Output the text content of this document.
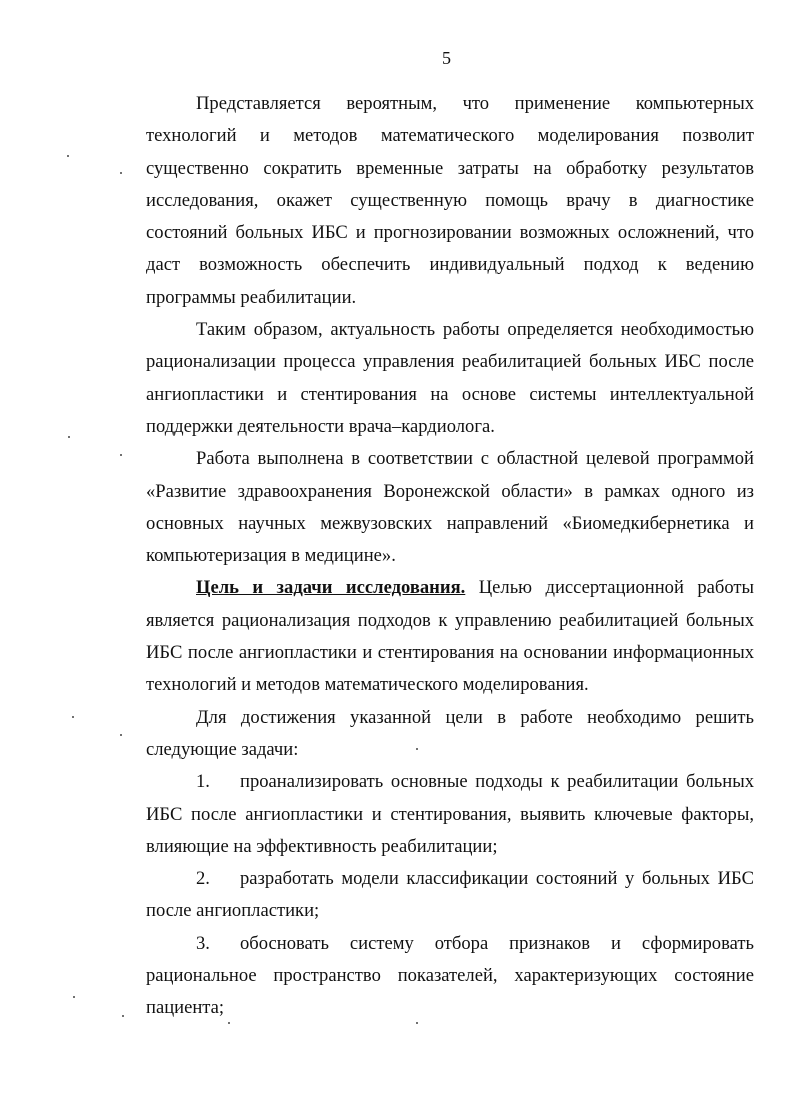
5

Представляется вероятным, что применение компьютерных технологий и методов математического моделирования позволит существенно сократить временные затраты на обработку результатов исследования, окажет существенную помощь врачу в диагностике состояний больных ИБС и прогнозировании возможных осложнений, что даст возможность обеспечить индивидуальный подход к ведению программы реабилитации.

Таким образом, актуальность работы определяется необходимостью рационализации процесса управления реабилитацией больных ИБС после ангиопластики и стентирования на основе системы интеллектуальной поддержки деятельности врача–кардиолога.

Работа выполнена в соответствии с областной целевой программой «Развитие здравоохранения Воронежской области» в рамках одного из основных научных межвузовских направлений «Биомедкибернетика и компьютеризация в медицине».

Цель и задачи исследования. Целью диссертационной работы является рационализация подходов к управлению реабилитацией больных ИБС после ангиопластики и стентирования на основании информационных технологий и методов математического моделирования.

Для достижения указанной цели в работе необходимо решить следующие задачи:

1. проанализировать основные подходы к реабилитации больных ИБС после ангиопластики и стентирования, выявить ключевые факторы, влияющие на эффективность реабилитации;

2. разработать модели классификации состояний у больных ИБС после ангиопластики;

3. обосновать систему отбора признаков и сформировать рациональное пространство показателей, характеризующих состояние пациента;
